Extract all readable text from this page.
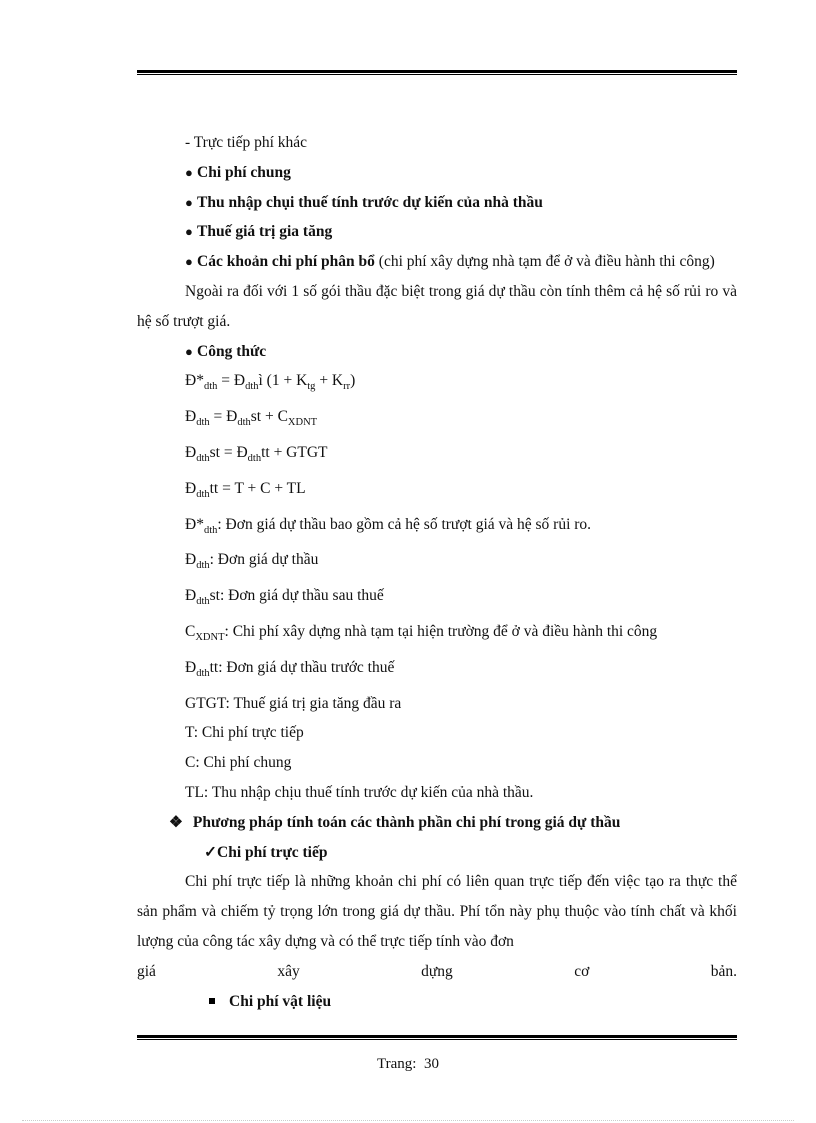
- Trực tiếp phí khác

● Chi phí chung

● Thu nhập chụi thuế tính trước dự kiến của nhà thầu

● Thuế giá trị gia tăng

● Các khoản chi phí phân bổ (chi phí xây dựng nhà tạm để ở và điều hành thi công)

Ngoài ra đối với 1 số gói thầu đặc biệt trong giá dự thầu còn tính thêm cả hệ số rủi ro và hệ số trượt giá.

● Công thức

$Đ*_{dth}$ = $Đ_{dth}ì$ $(1 + K_{tg} + K_{rr})$

$Đ_{dth}$ = $Đ_{dth}st + C_{XDNT}$

$Đ_{dth}st$ = $Đ_{dth}tt$ + GTGT

$Đ_{dth}tt = T + C$ + TL

$Đ*_{dth}$: Đơn giá dự thầu bao gồm cả hệ số trượt giá và hệ số rủi ro.

$Đ_{dth}$: Đơn giá dự thầu

$Đ_{dth}st$: Đơn giá dự thầu sau thuế

$C_{XDNT}$: Chi phí xây dựng nhà tạm tại hiện trường để ở và điều hành thi công

$Đ_{dth}tt$: Đơn giá dự thầu trước thuế

GTGT: Thuế giá trị gia tăng đầu ra

T: Chi phí trực tiếp

C: Chi phí chung

TL: Thu nhập chịu thuế tính trước dự kiến của nhà thầu.

❖ Phương pháp tính toán các thành phần chi phí trong giá dự thầu

✓Chi phí trực tiếp

Chi phí trực tiếp là những khoản chi phí có liên quan trực tiếp đến việc tạo ra thực thể sản phẩm và chiếm tỷ trọng lớn trong giá dự thầu. Phí tổn này phụ thuộc vào tính chất và khối lượng của công tác xây dựng và có thể trực tiếp tính vào đơn

giá	xây	dựng	cơ	bản.

Chi phí vật liệu

Trang: 30
